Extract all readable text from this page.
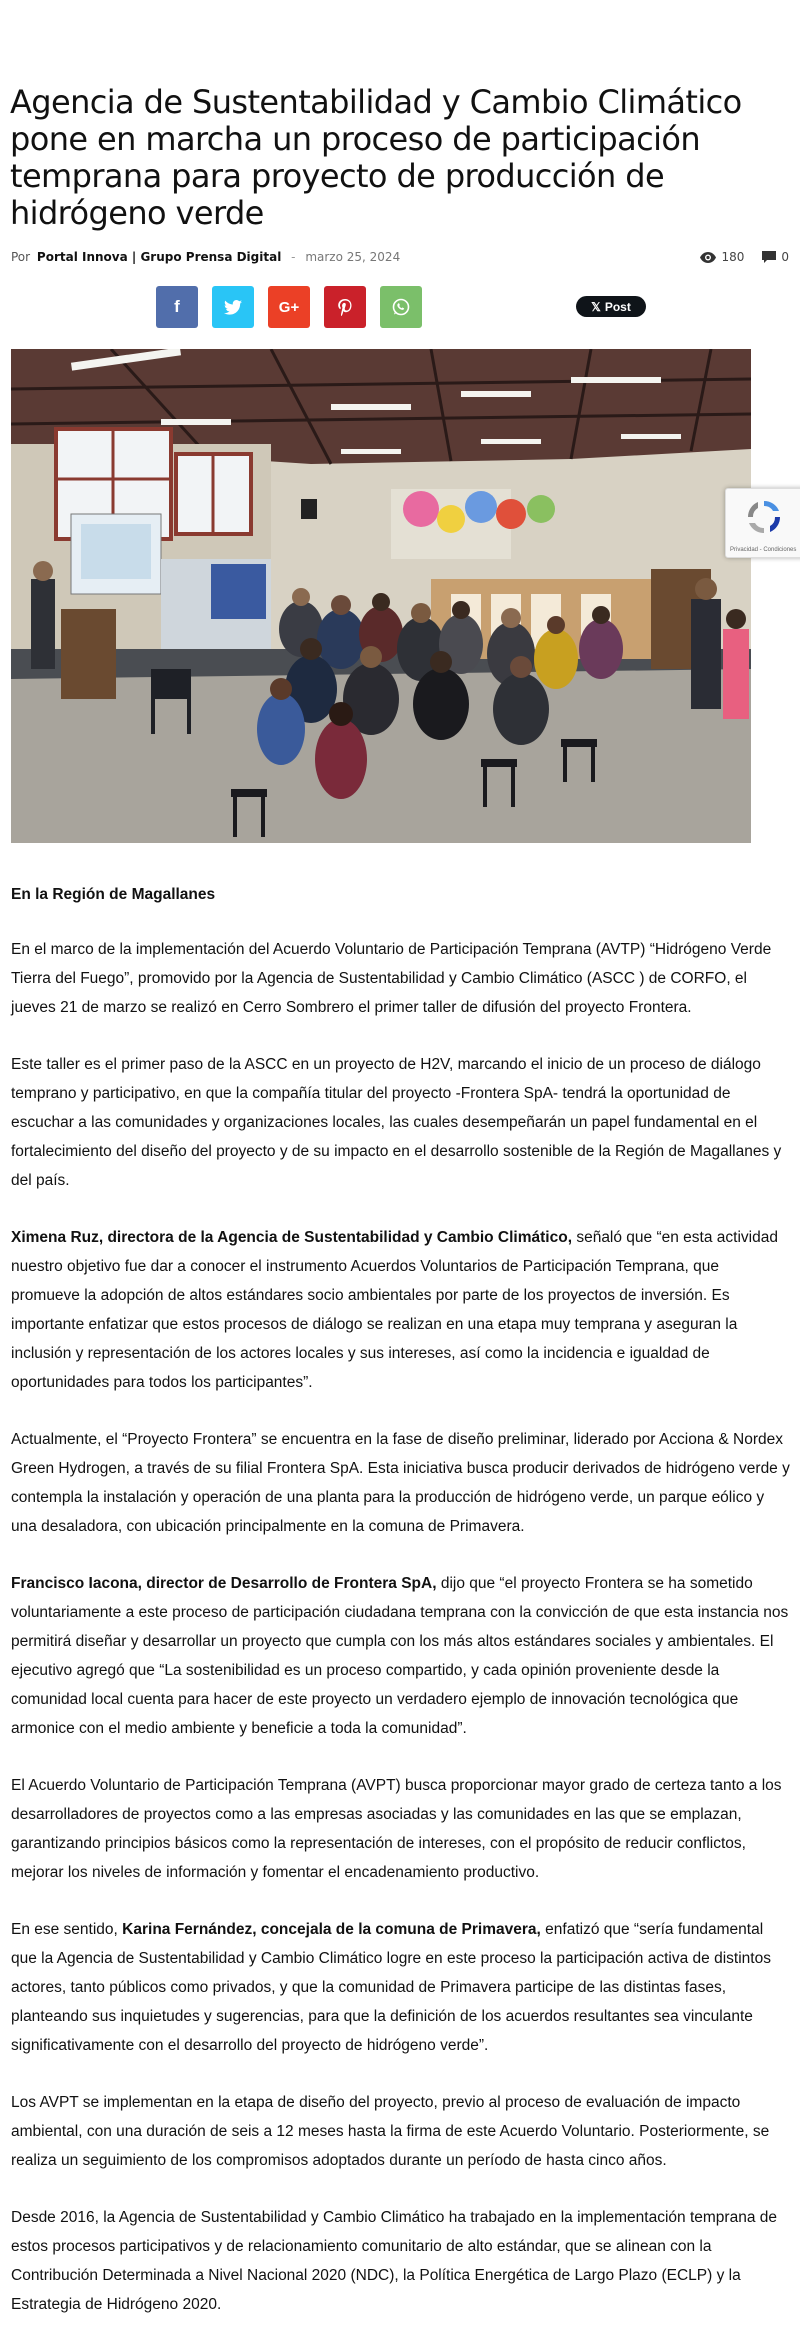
Agencia de Sustentabilidad y Cambio Climático pone en marcha un proceso de participación temprana para proyecto de producción de hidrógeno verde
Por Portal Innova | Grupo Prensa Digital - marzo 25, 2024	180	0
f	G+	𝕏 Post
Privacidad - Condiciones

En la Región de Magallanes

En el marco de la implementación del Acuerdo Voluntario de Participación Temprana (AVTP) “Hidrógeno Verde Tierra del Fuego”, promovido por la Agencia de Sustentabilidad y Cambio Climático (ASCC ) de CORFO, el jueves 21 de marzo se realizó en Cerro Sombrero el primer taller de difusión del proyecto Frontera.

Este taller es el primer paso de la ASCC en un proyecto de H2V, marcando el inicio de un proceso de diálogo temprano y participativo, en que la compañía titular del proyecto -Frontera SpA- tendrá la oportunidad de escuchar a las comunidades y organizaciones locales, las cuales desempeñarán un papel fundamental en el fortalecimiento del diseño del proyecto y de su impacto en el desarrollo sostenible de la Región de Magallanes y del país.

Ximena Ruz, directora de la Agencia de Sustentabilidad y Cambio Climático, señaló que “en esta actividad nuestro objetivo fue dar a conocer el instrumento Acuerdos Voluntarios de Participación Temprana, que promueve la adopción de altos estándares socio ambientales por parte de los proyectos de inversión. Es importante enfatizar que estos procesos de diálogo se realizan en una etapa muy temprana y aseguran la inclusión y representación de los actores locales y sus intereses, así como la incidencia e igualdad de oportunidades para todos los participantes”.

Actualmente, el “Proyecto Frontera” se encuentra en la fase de diseño preliminar, liderado por Acciona & Nordex Green Hydrogen, a través de su filial Frontera SpA. Esta iniciativa busca producir derivados de hidrógeno verde y contempla la instalación y operación de una planta para la producción de hidrógeno verde, un parque eólico y una desaladora, con ubicación principalmente en la comuna de Primavera.

Francisco Iacona, director de Desarrollo de Frontera SpA, dijo que “el proyecto Frontera se ha sometido voluntariamente a este proceso de participación ciudadana temprana con la convicción de que esta instancia nos permitirá diseñar y desarrollar un proyecto que cumpla con los más altos estándares sociales y ambientales. El ejecutivo agregó que “La sostenibilidad es un proceso compartido, y cada opinión proveniente desde la comunidad local cuenta para hacer de este proyecto un verdadero ejemplo de innovación tecnológica que armonice con el medio ambiente y beneficie a toda la comunidad”.

El Acuerdo Voluntario de Participación Temprana (AVPT) busca proporcionar mayor grado de certeza tanto a los desarrolladores de proyectos como a las empresas asociadas y las comunidades en las que se emplazan, garantizando principios básicos como la representación de intereses, con el propósito de reducir conflictos, mejorar los niveles de información y fomentar el encadenamiento productivo.

En ese sentido, Karina Fernández, concejala de la comuna de Primavera, enfatizó que “sería fundamental que la Agencia de Sustentabilidad y Cambio Climático logre en este proceso la participación activa de distintos actores, tanto públicos como privados, y que la comunidad de Primavera participe de las distintas fases, planteando sus inquietudes y sugerencias, para que la definición de los acuerdos resultantes sea vinculante significativamente con el desarrollo del proyecto de hidrógeno verde”.

Los AVPT se implementan en la etapa de diseño del proyecto, previo al proceso de evaluación de impacto ambiental, con una duración de seis a 12 meses hasta la firma de este Acuerdo Voluntario. Posteriormente, se realiza un seguimiento de los compromisos adoptados durante un período de hasta cinco años.

Desde 2016, la Agencia de Sustentabilidad y Cambio Climático ha trabajado en la implementación temprana de estos procesos participativos y de relacionamiento comunitario de alto estándar, que se alinean con la Contribución Determinada a Nivel Nacional 2020 (NDC), la Política Energética de Largo Plazo (ECLP) y la Estrategia de Hidrógeno 2020.
